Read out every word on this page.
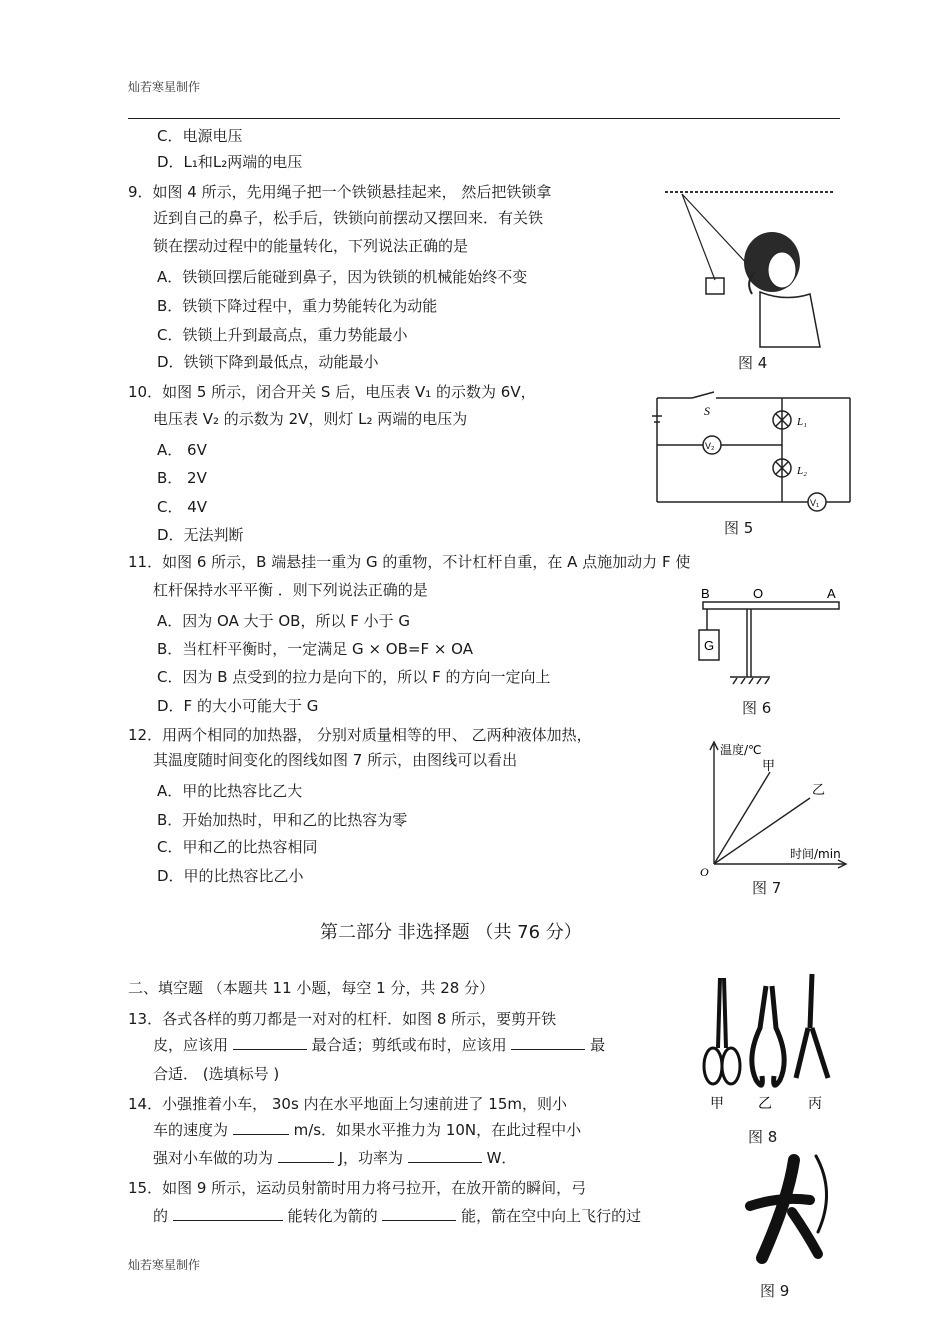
灿若寒星制作
C．电源电压
D．L₁和L₂两端的电压
9．如图 4 所示，先用绳子把一个铁锁悬挂起来， 然后把铁锁拿
近到自己的鼻子，松手后，铁锁向前摆动又摆回来．有关铁
锁在摆动过程中的能量转化，下列说法正确的是
A．铁锁回摆后能碰到鼻子，因为铁锁的机械能始终不变
B．铁锁下降过程中，重力势能转化为动能
C．铁锁上升到最高点，重力势能最小
D．铁锁下降到最低点，动能最小	图 4
10．如图 5 所示，闭合开关 S 后，电压表 V₁ 的示数为 6V，
电压表 V₂ 的示数为 2V，则灯 L₂ 两端的电压为
A． 6V
B． 2V
C． 4V
D．无法判断
S
L₁
L₂
V₂
V₁
图 5
11．如图 6 所示，B 端悬挂一重为 G 的重物，不计杠杆自重，在 A 点施加动力 F 使
杠杆保持水平平衡 ．则下列说法正确的是
A．因为 OA 大于 OB，所以 F 小于 G
B．当杠杆平衡时，一定满足 G × OB=F × OA
C．因为 B 点受到的拉力是向下的，所以 F 的方向一定向上
D．F 的大小可能大于 G
B	O	A
G
图 6
12．用两个相同的加热器， 分别对质量相等的甲、 乙两种液体加热，
其温度随时间变化的图线如图 7 所示，由图线可以看出
A．甲的比热容比乙大
B．开始加热时，甲和乙的比热容为零
C．甲和乙的比热容相同
D．甲的比热容比乙小
温度/℃
时间/min
O
甲
乙
图 7
第二部分 非选择题 （共 76 分）
二、填空题 （本题共 11 小题，每空 1 分，共 28 分）
13．各式各样的剪刀都是一对对的杠杆．如图 8 所示，要剪开铁
皮，应该用	最合适；剪纸或布时，应该用	最
合适． (选填标号 )
甲 乙	丙
图 8
14．小强推着小车， 30s 内在水平地面上匀速前进了 15m，则小
车的速度为	m/s．如果水平推力为 10N，在此过程中小
强对小车做的功为	J，功率为	W．
15．如图 9 所示，运动员射箭时用力将弓拉开，在放开箭的瞬间，弓
的	能转化为箭的	能，箭在空中向上飞行的过
图 9
灿若寒星制作
